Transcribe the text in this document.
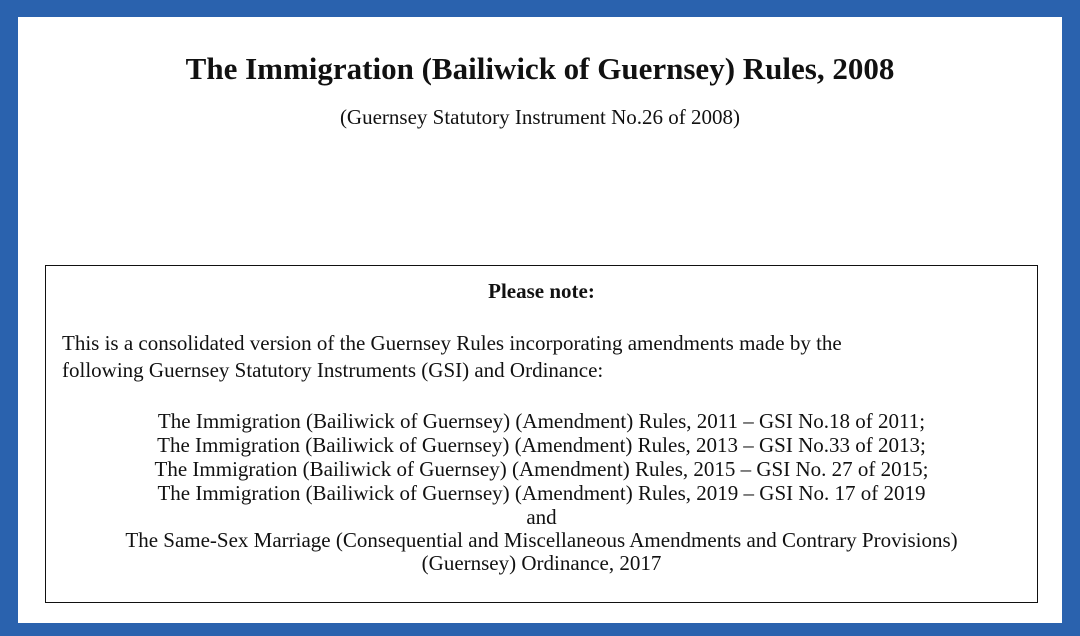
The Immigration (Bailiwick of Guernsey) Rules, 2008
(Guernsey Statutory Instrument No.26 of 2008)
Please note:
This is a consolidated version of the Guernsey Rules incorporating amendments made by the
following Guernsey Statutory Instruments (GSI) and Ordinance:
The Immigration (Bailiwick of Guernsey) (Amendment) Rules, 2011 – GSI No.18 of 2011;
The Immigration (Bailiwick of Guernsey) (Amendment) Rules, 2013 – GSI No.33 of 2013;
The Immigration (Bailiwick of Guernsey) (Amendment) Rules, 2015 – GSI No. 27 of 2015;
The Immigration (Bailiwick of Guernsey) (Amendment) Rules, 2019 – GSI No. 17 of 2019
and
The Same-Sex Marriage (Consequential and Miscellaneous Amendments and Contrary Provisions)
(Guernsey) Ordinance, 2017
